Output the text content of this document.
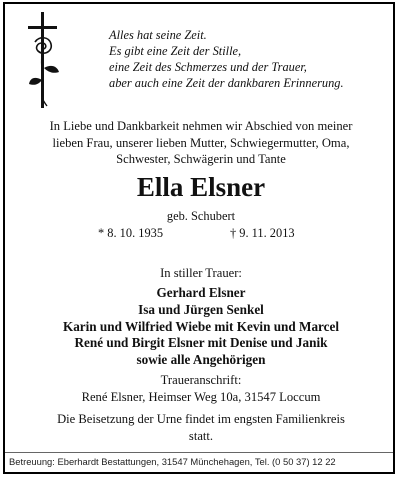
Alles hat seine Zeit.
Es gibt eine Zeit der Stille,
eine Zeit des Schmerzes und der Trauer,
aber auch eine Zeit der dankbaren Erinnerung.
In Liebe und Dankbarkeit nehmen wir Abschied von meiner
lieben Frau, unserer lieben Mutter, Schwiegermutter, Oma,
Schwester, Schwägerin und Tante
Ella Elsner
geb. Schubert
* 8. 10. 1935	† 9. 11. 2013
In stiller Trauer:
Gerhard Elsner
Isa und Jürgen Senkel
Karin und Wilfried Wiebe mit Kevin und Marcel
René und Birgit Elsner mit Denise und Janik
sowie alle Angehörigen
Traueranschrift:
René Elsner, Heimser Weg 10a, 31547 Loccum
Die Beisetzung der Urne findet im engsten Familienkreis
statt.
Betreuung: Eberhardt Bestattungen, 31547 Münchehagen, Tel. (0 50 37) 12 22
